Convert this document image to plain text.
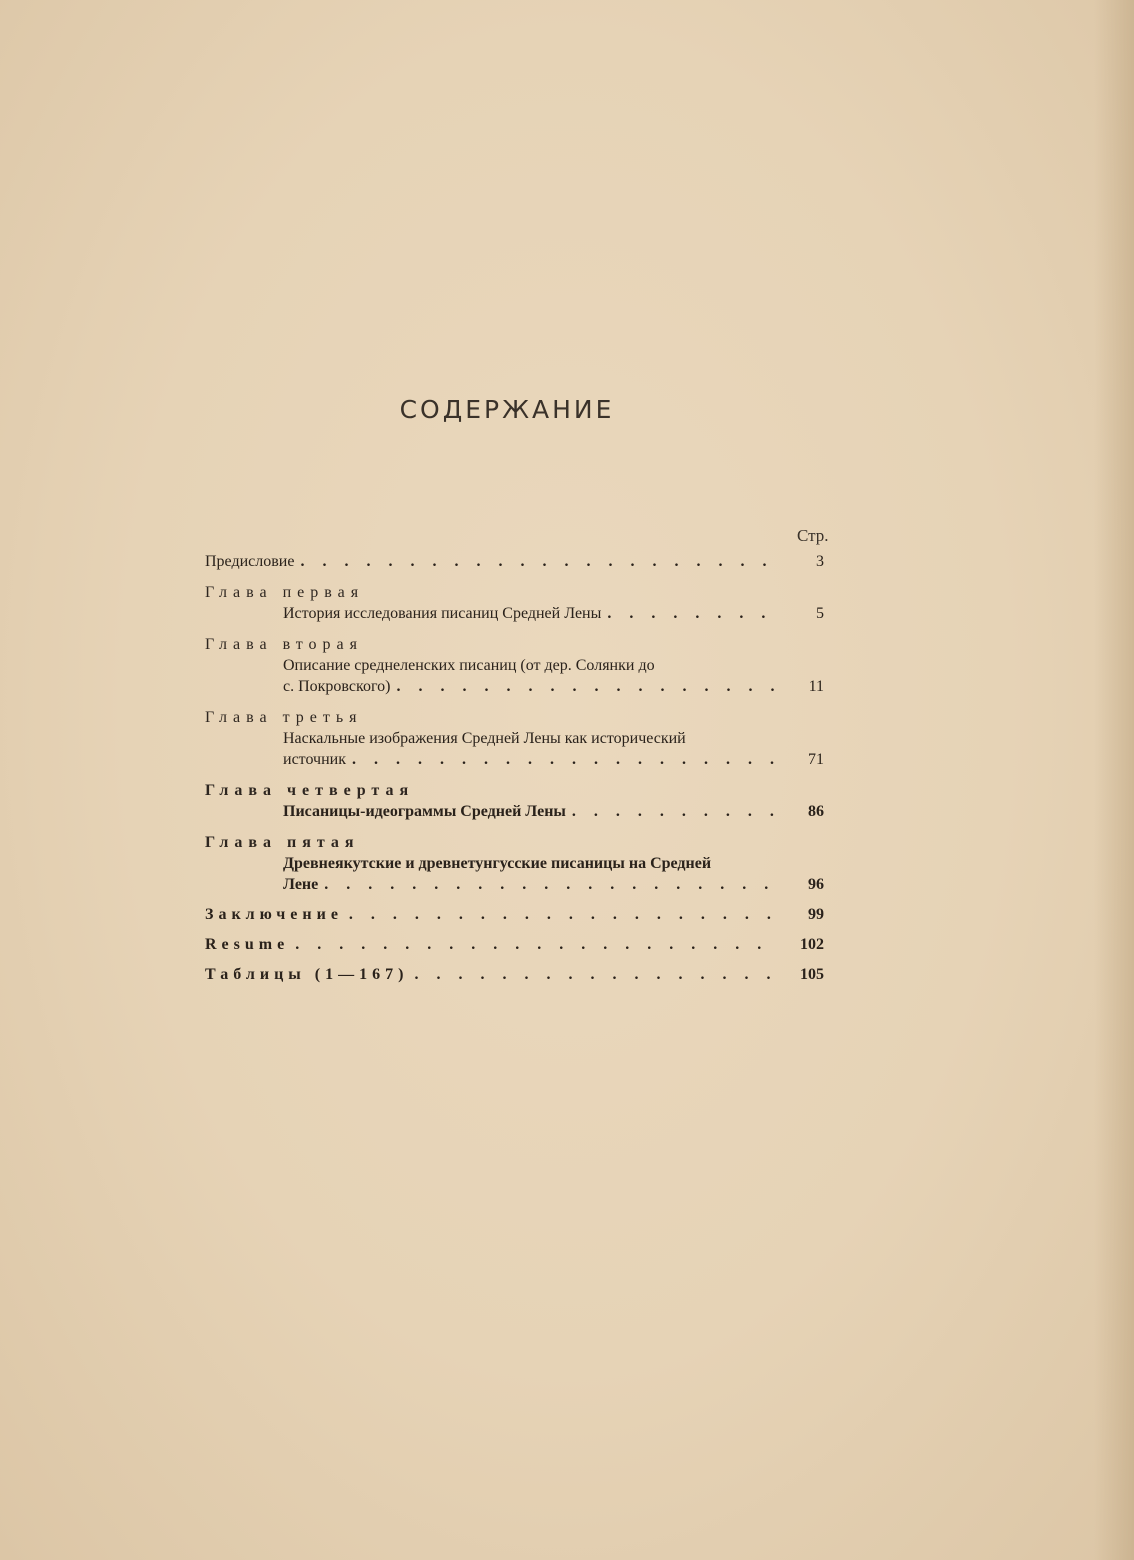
СОДЕРЖАНИЕ
Стр.
Предисловие . . .	3
Глава первая
История исследования писаниц Средней Лены . . .	5
Глава вторая
Описание среднеленских писаниц (от дер. Солянки до
с. Покровского) . . .	11
Глава третья
Наскальные изображения Средней Лены как исторический
источник . . .	71
Глава четвертая
Писаницы-идеограммы Средней Лены . . .	86
Глава пятая
Древнеякутские и древнетунгусские писаницы на Средней
Лене . . .	96
Заключение . . .	99
Resume . . .	102
Таблицы (1—167) . . .	105
